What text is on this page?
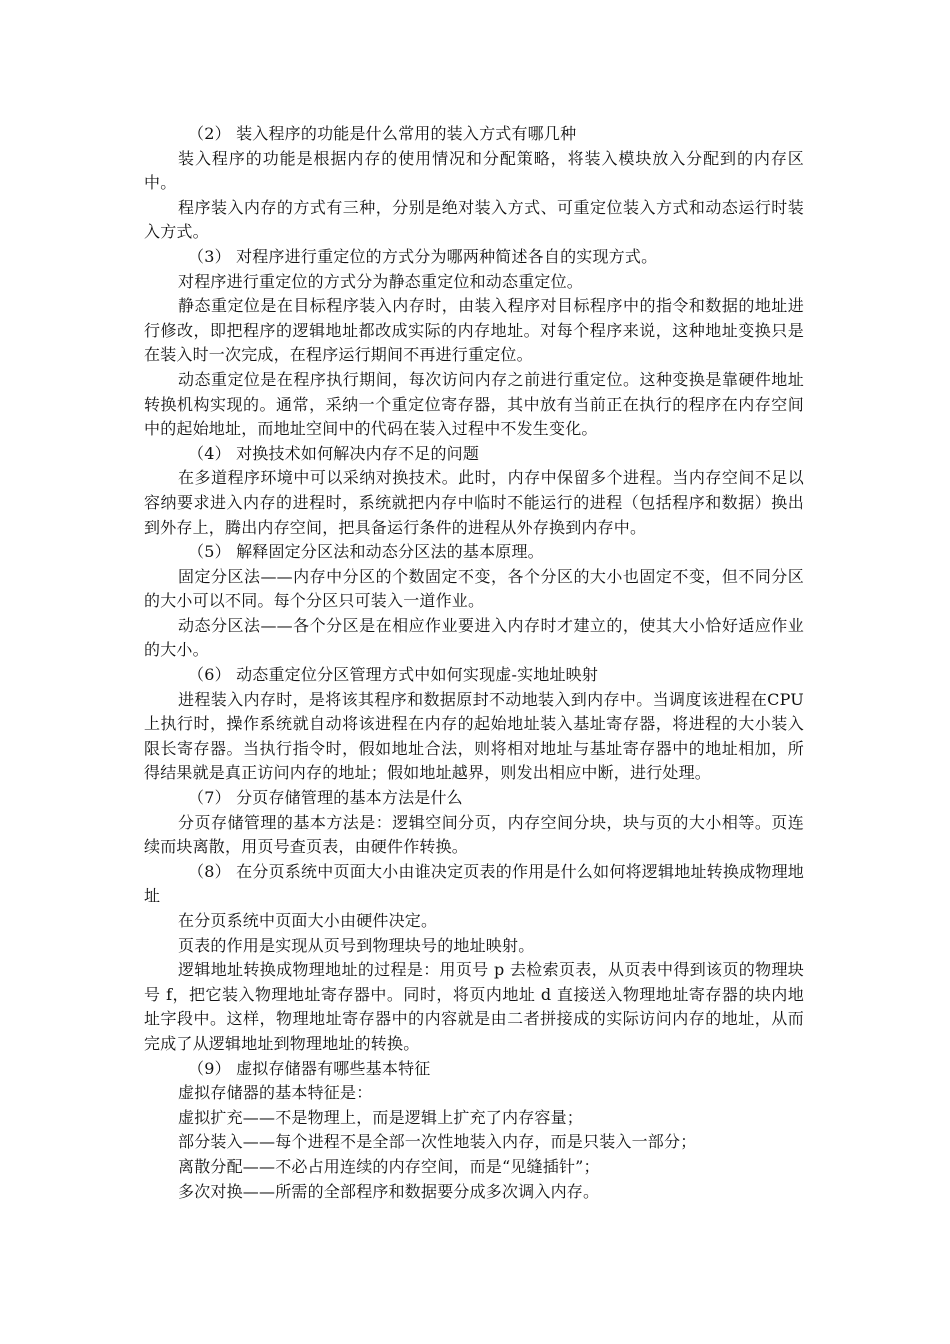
（2） 装入程序的功能是什么常用的装入方式有哪几种

装入程序的功能是根据内存的使用情况和分配策略，将装入模块放入分配到的内存区中。

程序装入内存的方式有三种，分别是绝对装入方式、可重定位装入方式和动态运行时装入方式。

（3） 对程序进行重定位的方式分为哪两种简述各自的实现方式。

对程序进行重定位的方式分为静态重定位和动态重定位。

静态重定位是在目标程序装入内存时，由装入程序对目标程序中的指令和数据的地址进行修改，即把程序的逻辑地址都改成实际的内存地址。对每个程序来说，这种地址变换只是在装入时一次完成，在程序运行期间不再进行重定位。

动态重定位是在程序执行期间，每次访问内存之前进行重定位。这种变换是靠硬件地址转换机构实现的。通常，采纳一个重定位寄存器，其中放有当前正在执行的程序在内存空间中的起始地址，而地址空间中的代码在装入过程中不发生变化。

（4） 对换技术如何解决内存不足的问题

在多道程序环境中可以采纳对换技术。此时，内存中保留多个进程。当内存空间不足以容纳要求进入内存的进程时，系统就把内存中临时不能运行的进程（包括程序和数据）换出到外存上，腾出内存空间，把具备运行条件的进程从外存换到内存中。

（5） 解释固定分区法和动态分区法的基本原理。

固定分区法——内存中分区的个数固定不变，各个分区的大小也固定不变，但不同分区的大小可以不同。每个分区只可装入一道作业。

动态分区法——各个分区是在相应作业要进入内存时才建立的，使其大小恰好适应作业的大小。

（6） 动态重定位分区管理方式中如何实现虚-实地址映射

进程装入内存时，是将该其程序和数据原封不动地装入到内存中。当调度该进程在CPU 上执行时，操作系统就自动将该进程在内存的起始地址装入基址寄存器，将进程的大小装入限长寄存器。当执行指令时，假如地址合法，则将相对地址与基址寄存器中的地址相加，所得结果就是真正访问内存的地址；假如地址越界，则发出相应中断，进行处理。

（7） 分页存储管理的基本方法是什么

分页存储管理的基本方法是：逻辑空间分页，内存空间分块，块与页的大小相等。页连续而块离散，用页号查页表，由硬件作转换。

（8） 在分页系统中页面大小由谁决定页表的作用是什么如何将逻辑地址转换成物理地址

在分页系统中页面大小由硬件决定。

页表的作用是实现从页号到物理块号的地址映射。

逻辑地址转换成物理地址的过程是：用页号 p 去检索页表，从页表中得到该页的物理块号 f，把它装入物理地址寄存器中。同时，将页内地址 d 直接送入物理地址寄存器的块内地址字段中。这样，物理地址寄存器中的内容就是由二者拼接成的实际访问内存的地址，从而完成了从逻辑地址到物理地址的转换。

（9） 虚拟存储器有哪些基本特征

虚拟存储器的基本特征是：

虚拟扩充——不是物理上，而是逻辑上扩充了内存容量；

部分装入——每个进程不是全部一次性地装入内存，而是只装入一部分；

离散分配——不必占用连续的内存空间，而是“见缝插针”；

多次对换——所需的全部程序和数据要分成多次调入内存。
